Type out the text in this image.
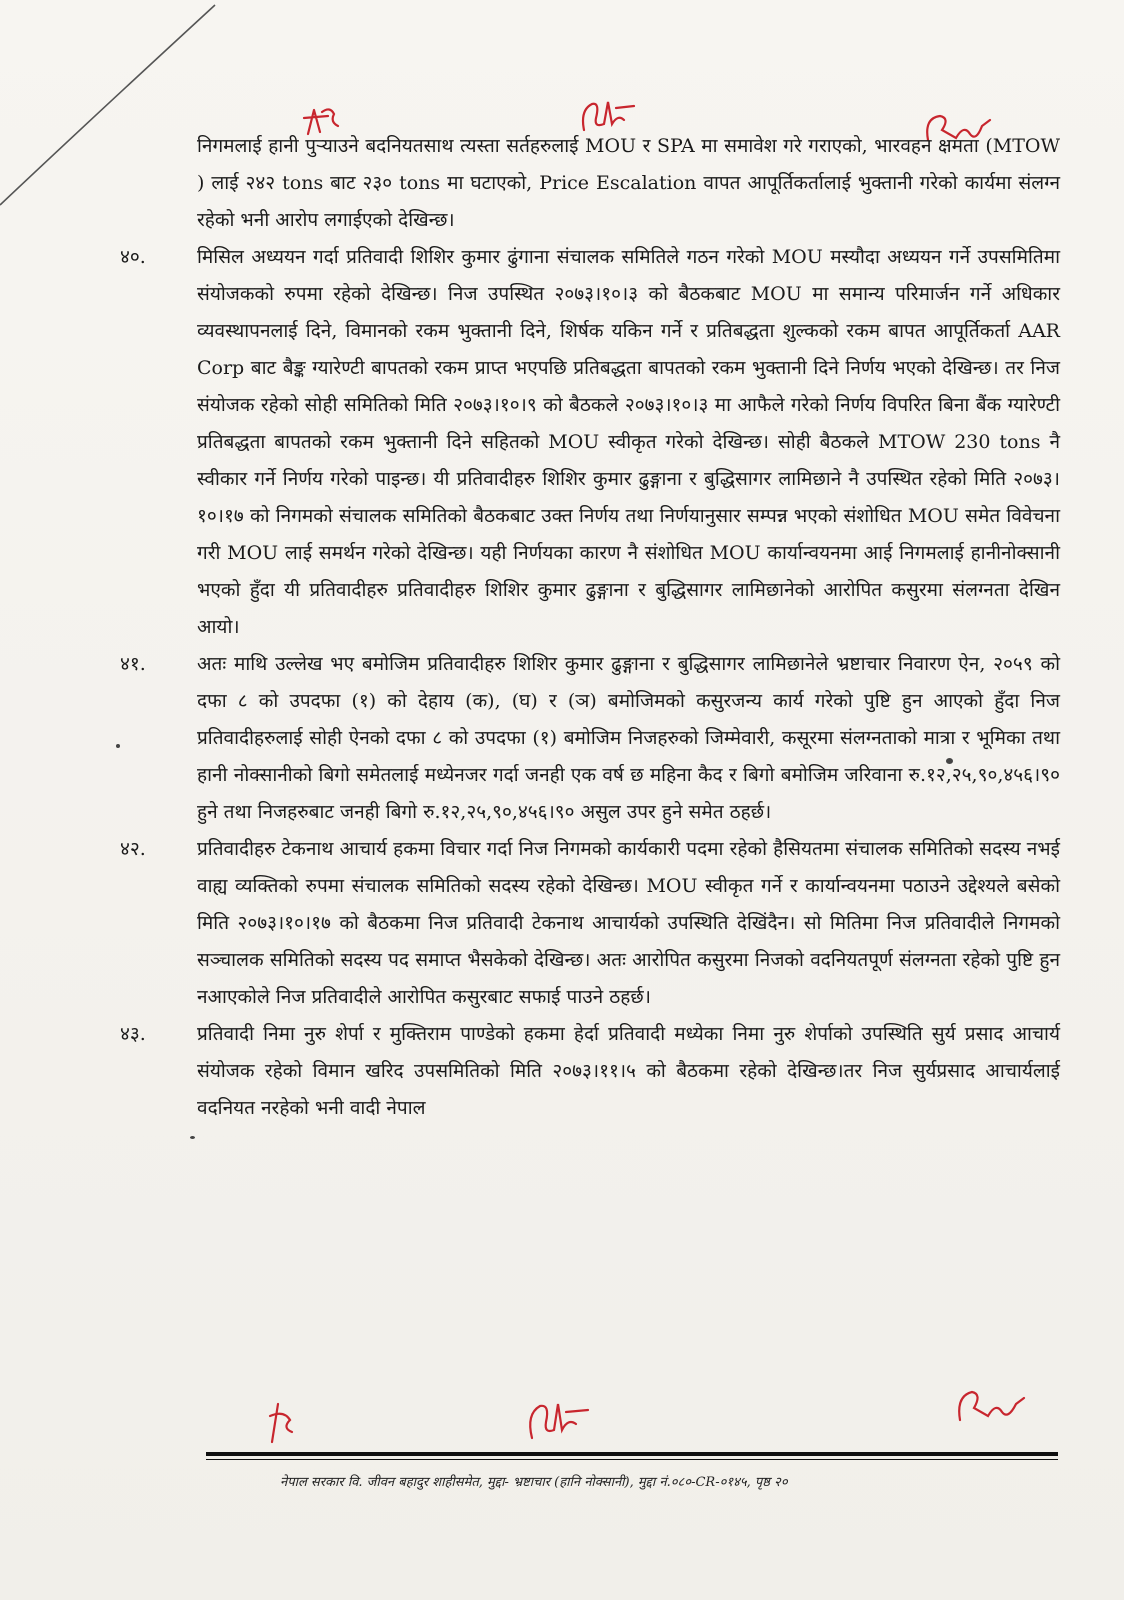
निगमलाई हानी पुऱ्याउने बदनियतसाथ त्यस्ता सर्तहरुलाई MOU र SPA मा समावेश गरे गराएको, भारवहन क्षमता (MTOW ) लाई २४२ tons बाट २३० tons मा घटाएको, Price Escalation वापत आपूर्तिकर्तालाई भुक्तानी गरेको कार्यमा संलग्न रहेको भनी आरोप लगाईएको देखिन्छ।
४०.	मिसिल अध्ययन गर्दा प्रतिवादी शिशिर कुमार ढुंगाना संचालक समितिले गठन गरेको MOU मस्यौदा अध्ययन गर्ने उपसमितिमा संयोजकको रुपमा रहेको देखिन्छ। निज उपस्थित २०७३।१०।३ को बैठकबाट MOU मा समान्य परिमार्जन गर्ने अधिकार व्यवस्थापनलाई दिने, विमानको रकम भुक्तानी दिने, शिर्षक यकिन गर्ने र प्रतिबद्धता शुल्कको रकम बापत आपूर्तिकर्ता AAR Corp बाट बैङ्क ग्यारेण्टी बापतको रकम प्राप्त भएपछि प्रतिबद्धता बापतको रकम भुक्तानी दिने निर्णय भएको देखिन्छ। तर निज संयोजक रहेको सोही समितिको मिति २०७३।१०।९ को बैठकले २०७३।१०।३ मा आफैले गरेको निर्णय विपरित बिना बैंक ग्यारेण्टी प्रतिबद्धता बापतको रकम भुक्तानी दिने सहितको MOU स्वीकृत गरेको देखिन्छ। सोही बैठकले MTOW 230 tons नै स्वीकार गर्ने निर्णय गरेको पाइन्छ। यी प्रतिवादीहरु शिशिर कुमार ढुङ्गाना र बुद्धिसागर लामिछाने नै उपस्थित रहेको मिति २०७३।१०।१७ को निगमको संचालक समितिको बैठकबाट उक्त निर्णय तथा निर्णयानुसार सम्पन्न भएको संशोधित MOU समेत विवेचना गरी MOU लाई समर्थन गरेको देखिन्छ। यही निर्णयका कारण नै संशोधित MOU कार्यान्वयनमा आई निगमलाई हानीनोक्सानी भएको हुँदा यी प्रतिवादीहरु प्रतिवादीहरु शिशिर कुमार ढुङ्गाना र बुद्धिसागर लामिछानेको आरोपित कसुरमा संलग्नता देखिन आयो।
४१.	अतः माथि उल्लेख भए बमोजिम प्रतिवादीहरु शिशिर कुमार ढुङ्गाना र बुद्धिसागर लामिछानेले भ्रष्टाचार निवारण ऐन, २०५९ को दफा ८ को उपदफा (१) को देहाय (क), (घ) र (ञ) बमोजिमको कसुरजन्य कार्य गरेको पुष्टि हुन आएको हुँदा निज प्रतिवादीहरुलाई सोही ऐनको दफा ८ को उपदफा (१) बमोजिम निजहरुको जिम्मेवारी, कसूरमा संलग्नताको मात्रा र भूमिका तथा हानी नोक्सानीको बिगो समेतलाई मध्येनजर गर्दा जनही एक वर्ष छ महिना कैद र बिगो बमोजिम जरिवाना रु.१२,२५,९०,४५६।९० हुने तथा निजहरुबाट जनही बिगो रु.१२,२५,९०,४५६।९० असुल उपर हुने समेत ठहर्छ।
४२.	प्रतिवादीहरु टेकनाथ आचार्य हकमा विचार गर्दा निज निगमको कार्यकारी पदमा रहेको हैसियतमा संचालक समितिको सदस्य नभई वाह्य व्यक्तिको रुपमा संचालक समितिको सदस्य रहेको देखिन्छ। MOU स्वीकृत गर्ने र कार्यान्वयनमा पठाउने उद्देश्यले बसेको मिति २०७३।१०।१७ को बैठकमा निज प्रतिवादी टेकनाथ आचार्यको उपस्थिति देखिंदैन। सो मितिमा निज प्रतिवादीले निगमको सञ्चालक समितिको सदस्य पद समाप्त भैसकेको देखिन्छ। अतः आरोपित कसुरमा निजको वदनियतपूर्ण संलग्नता रहेको पुष्टि हुन नआएकोले निज प्रतिवादीले आरोपित कसुरबाट सफाई पाउने ठहर्छ।
४३.	प्रतिवादी निमा नुरु शेर्पा र मुक्तिराम पाण्डेको हकमा हेर्दा प्रतिवादी मध्येका निमा नुरु शेर्पाको उपस्थिति सुर्य प्रसाद आचार्य संयोजक रहेको विमान खरिद उपसमितिको मिति २०७३।११।५ को बैठकमा रहेको देखिन्छ।तर निज सुर्यप्रसाद आचार्यलाई वदनियत नरहेको भनी वादी नेपाल
नेपाल सरकार वि. जीवन बहादुर शाहीसमेत, मुद्दा- भ्रष्टाचार (हानि नोक्सानी), मुद्दा नं.०८०-CR-०१४५, पृष्ठ २०
